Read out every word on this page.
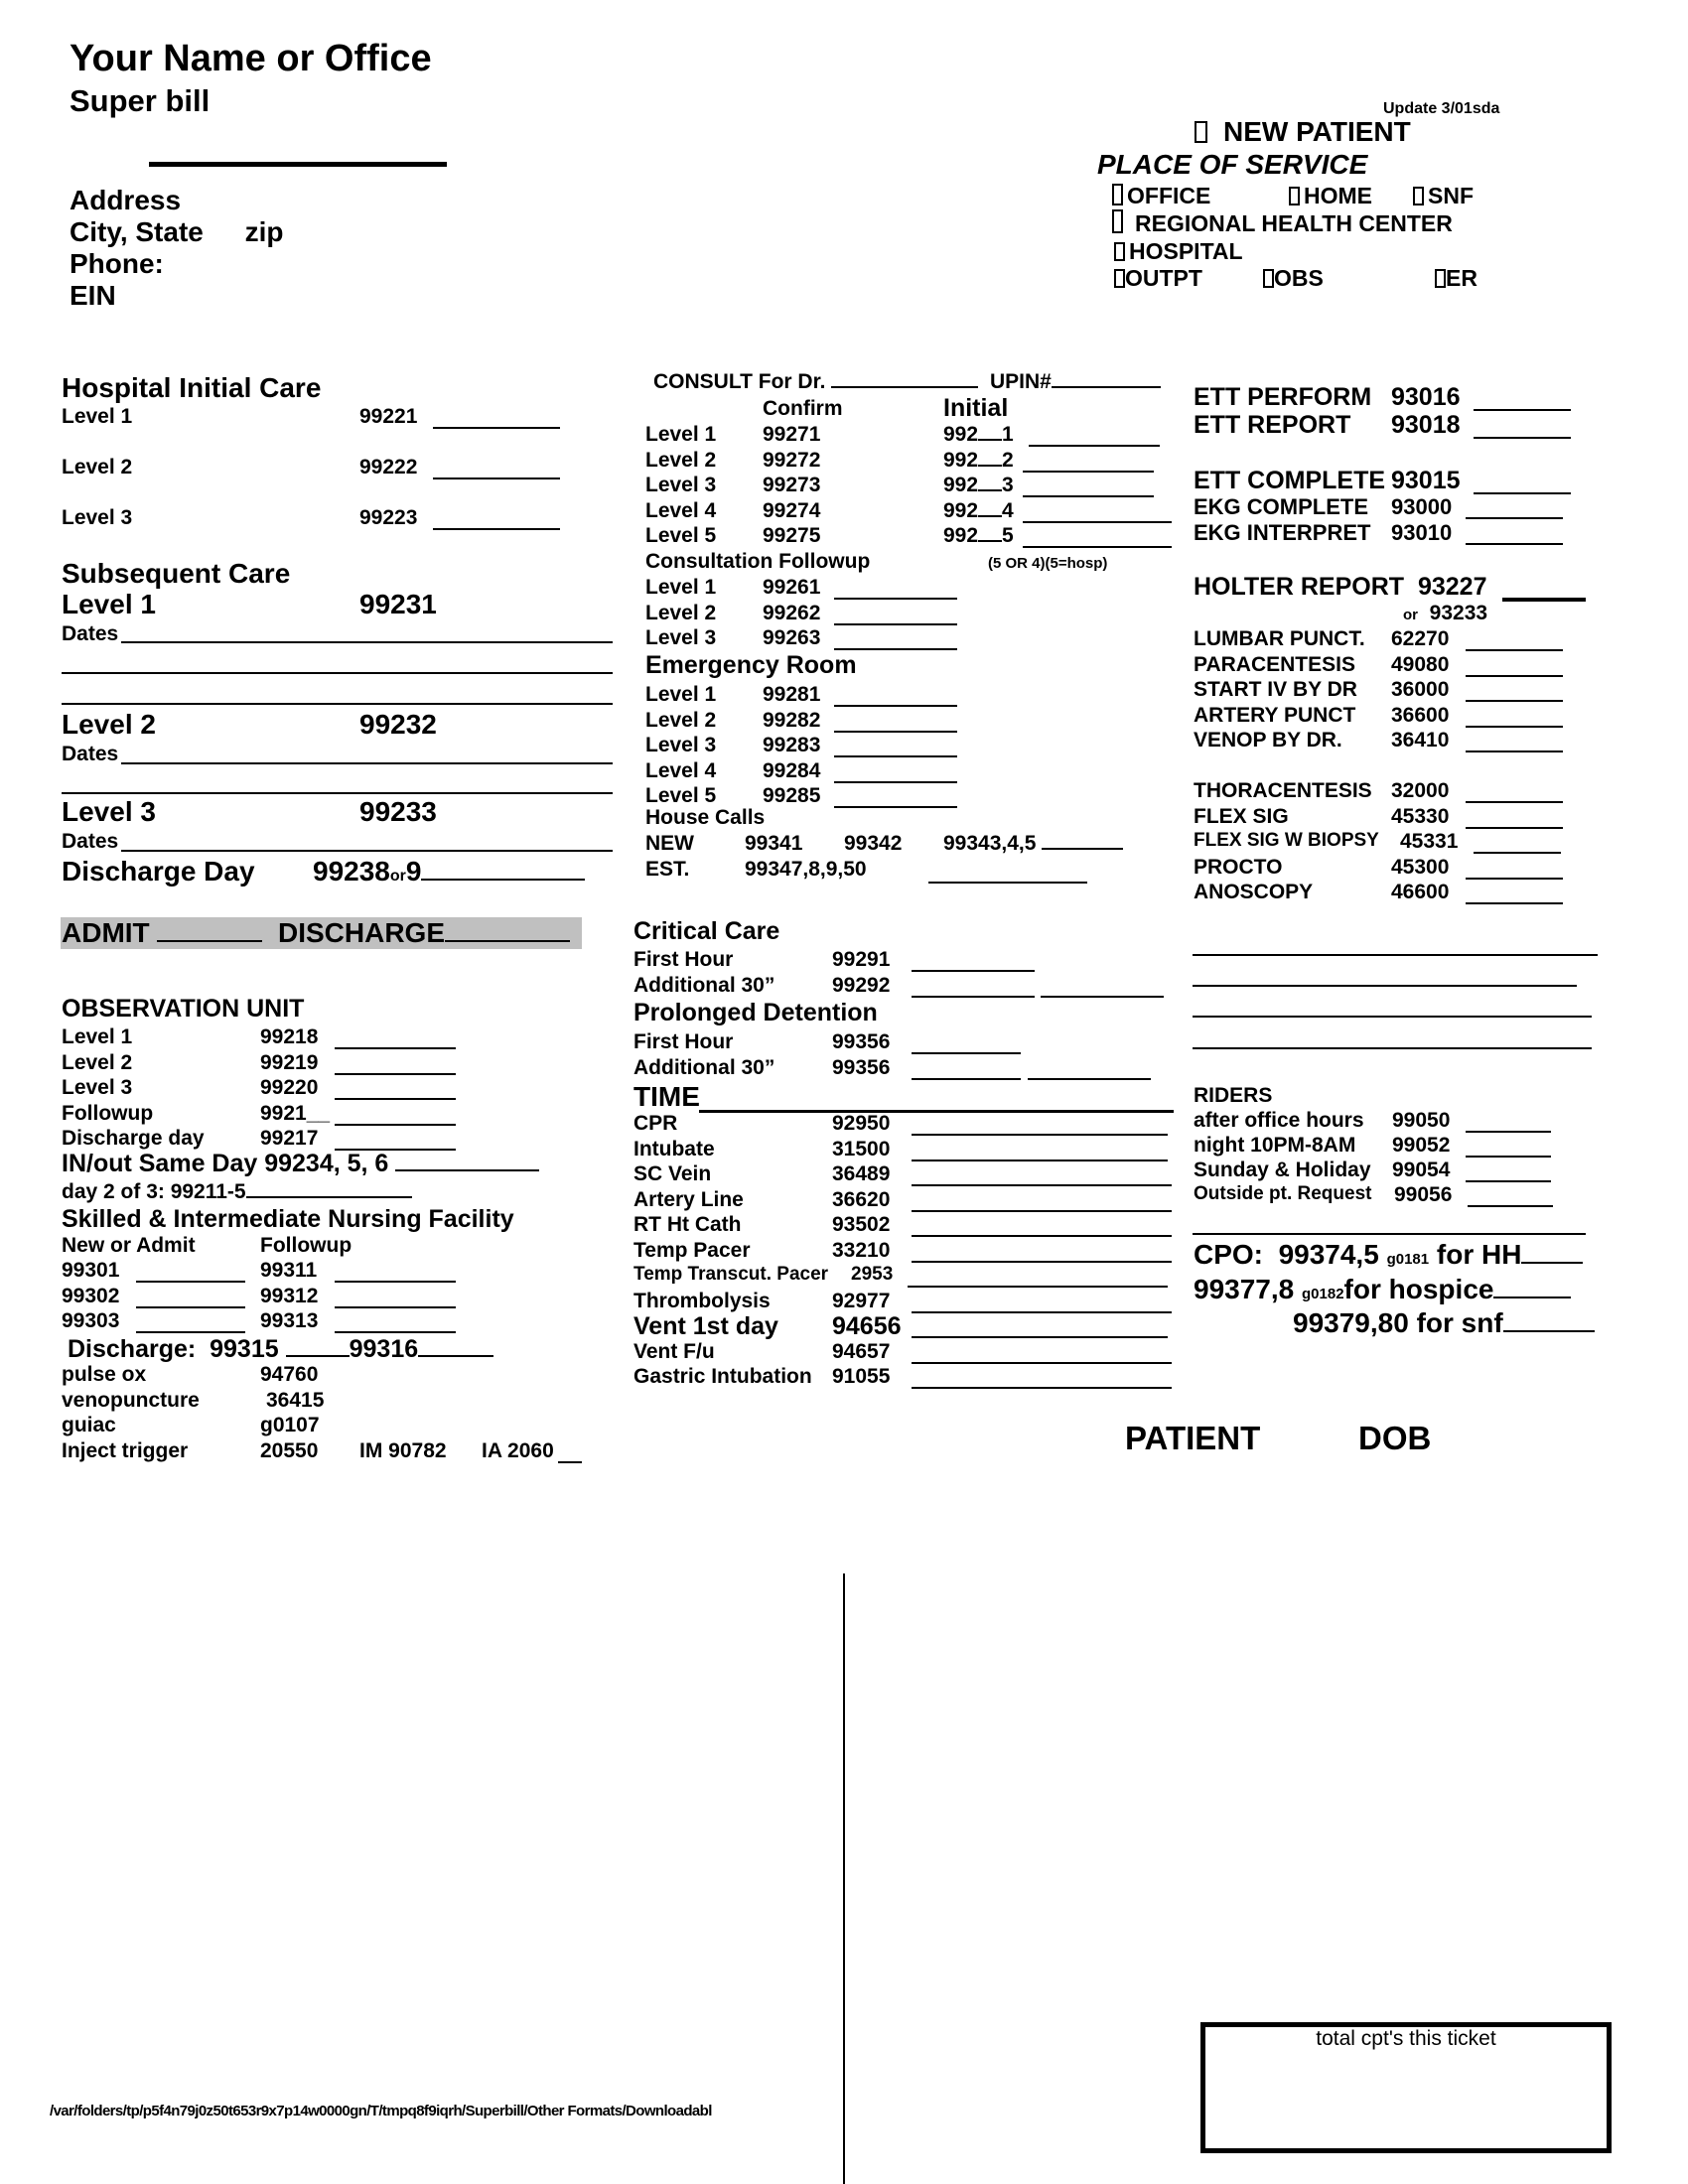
Your Name or Office
Super bill
Address
City, State zip
Phone:
EIN
Update 3/01sda
NEW PATIENT
PLACE OF SERVICE
OFFICE	HOME	SNF
REGIONAL HEALTH CENTER
HOSPITAL
OUTPT	OBS	ER
Hospital Initial Care
Subsequent Care
Level 1	99231
Dates
Level 2	99232
Dates
Level 3	99233
Dates
Discharge Day 99238or9
ADMIT	DISCHARGE
OBSERVATION UNIT
IN/out Same Day 99234, 5, 6
day 2 of 3: 99211-5
Skilled & Intermediate Nursing Facility
New or Admit	Followup
Discharge: 99315	99316
CONSULT For Dr.	UPIN#
Confirm	Initial
Consultation Followup	(5 OR 4)(5=hosp)
Emergency Room
House Calls
NEW 99341 99342 99343,4,5
EST.	99347,8,9,50
Critical Care
Prolonged Detention
TIME
HOLTER REPORT 93227
or 93233
RIDERS
CPO: 99374,5 g0181 for HH
99377,8 g0182for hospice
99379,80 for snf
PATIENT	DOB
total cpt's this ticket
/var/folders/tp/p5f4n79j0z50t653r9x7p14w0000gn/T/tmpq8f9iqrh/Superbill/Other Formats/Downloadabl
Level 1	99221
Level 2	99222
Level 3	99223
Level 1	99218
Level 2	99219
Level 3	99220
Followup	9921__
Discharge day	99217
99301	99311
99302	99312
99303	99313
pulse ox	94760
venopuncture	36415
guiac	g0107
Inject trigger	20550 IM 90782 IA 2060
Level 1 99271	992 1
Level 2 99272	992 2
Level 3 99273	992 3
Level 4 99274	992 4
Level 5 99275	992 5
Level 1 99261
Level 2 99262
Level 3 99263
Level 1 99281
Level 2 99282
Level 3 99283
Level 4 99284
Level 5 99285
First Hour	99291
Additional 30”	99292
First Hour	99356
Additional 30”	99356
CPR	92950
Intubate	31500
SC Vein	36489
Artery Line	36620
RT Ht Cath	93502
Temp Pacer	33210
Temp Transcut. Pacer 2953
Thrombolysis	92977
Vent 1st day 94656
Vent F/u	94657
Gastric Intubation 91055
ETT PERFORM 93016
ETT REPORT 93018
ETT COMPLETE 93015
EKG COMPLETE 93000
EKG INTERPRET 93010
LUMBAR PUNCT. 62270
PARACENTESIS 49080
START IV BY DR 36000
ARTERY PUNCT 36600
VENOP BY DR. 36410
THORACENTESIS 32000
FLEX SIG	45330
FLEX SIG W BIOPSY 45331
PROCTO	45300
ANOSCOPY	46600
after office hours 99050
night 10PM-8AM 99052
Sunday & Holiday 99054
Outside pt. Request 99056
